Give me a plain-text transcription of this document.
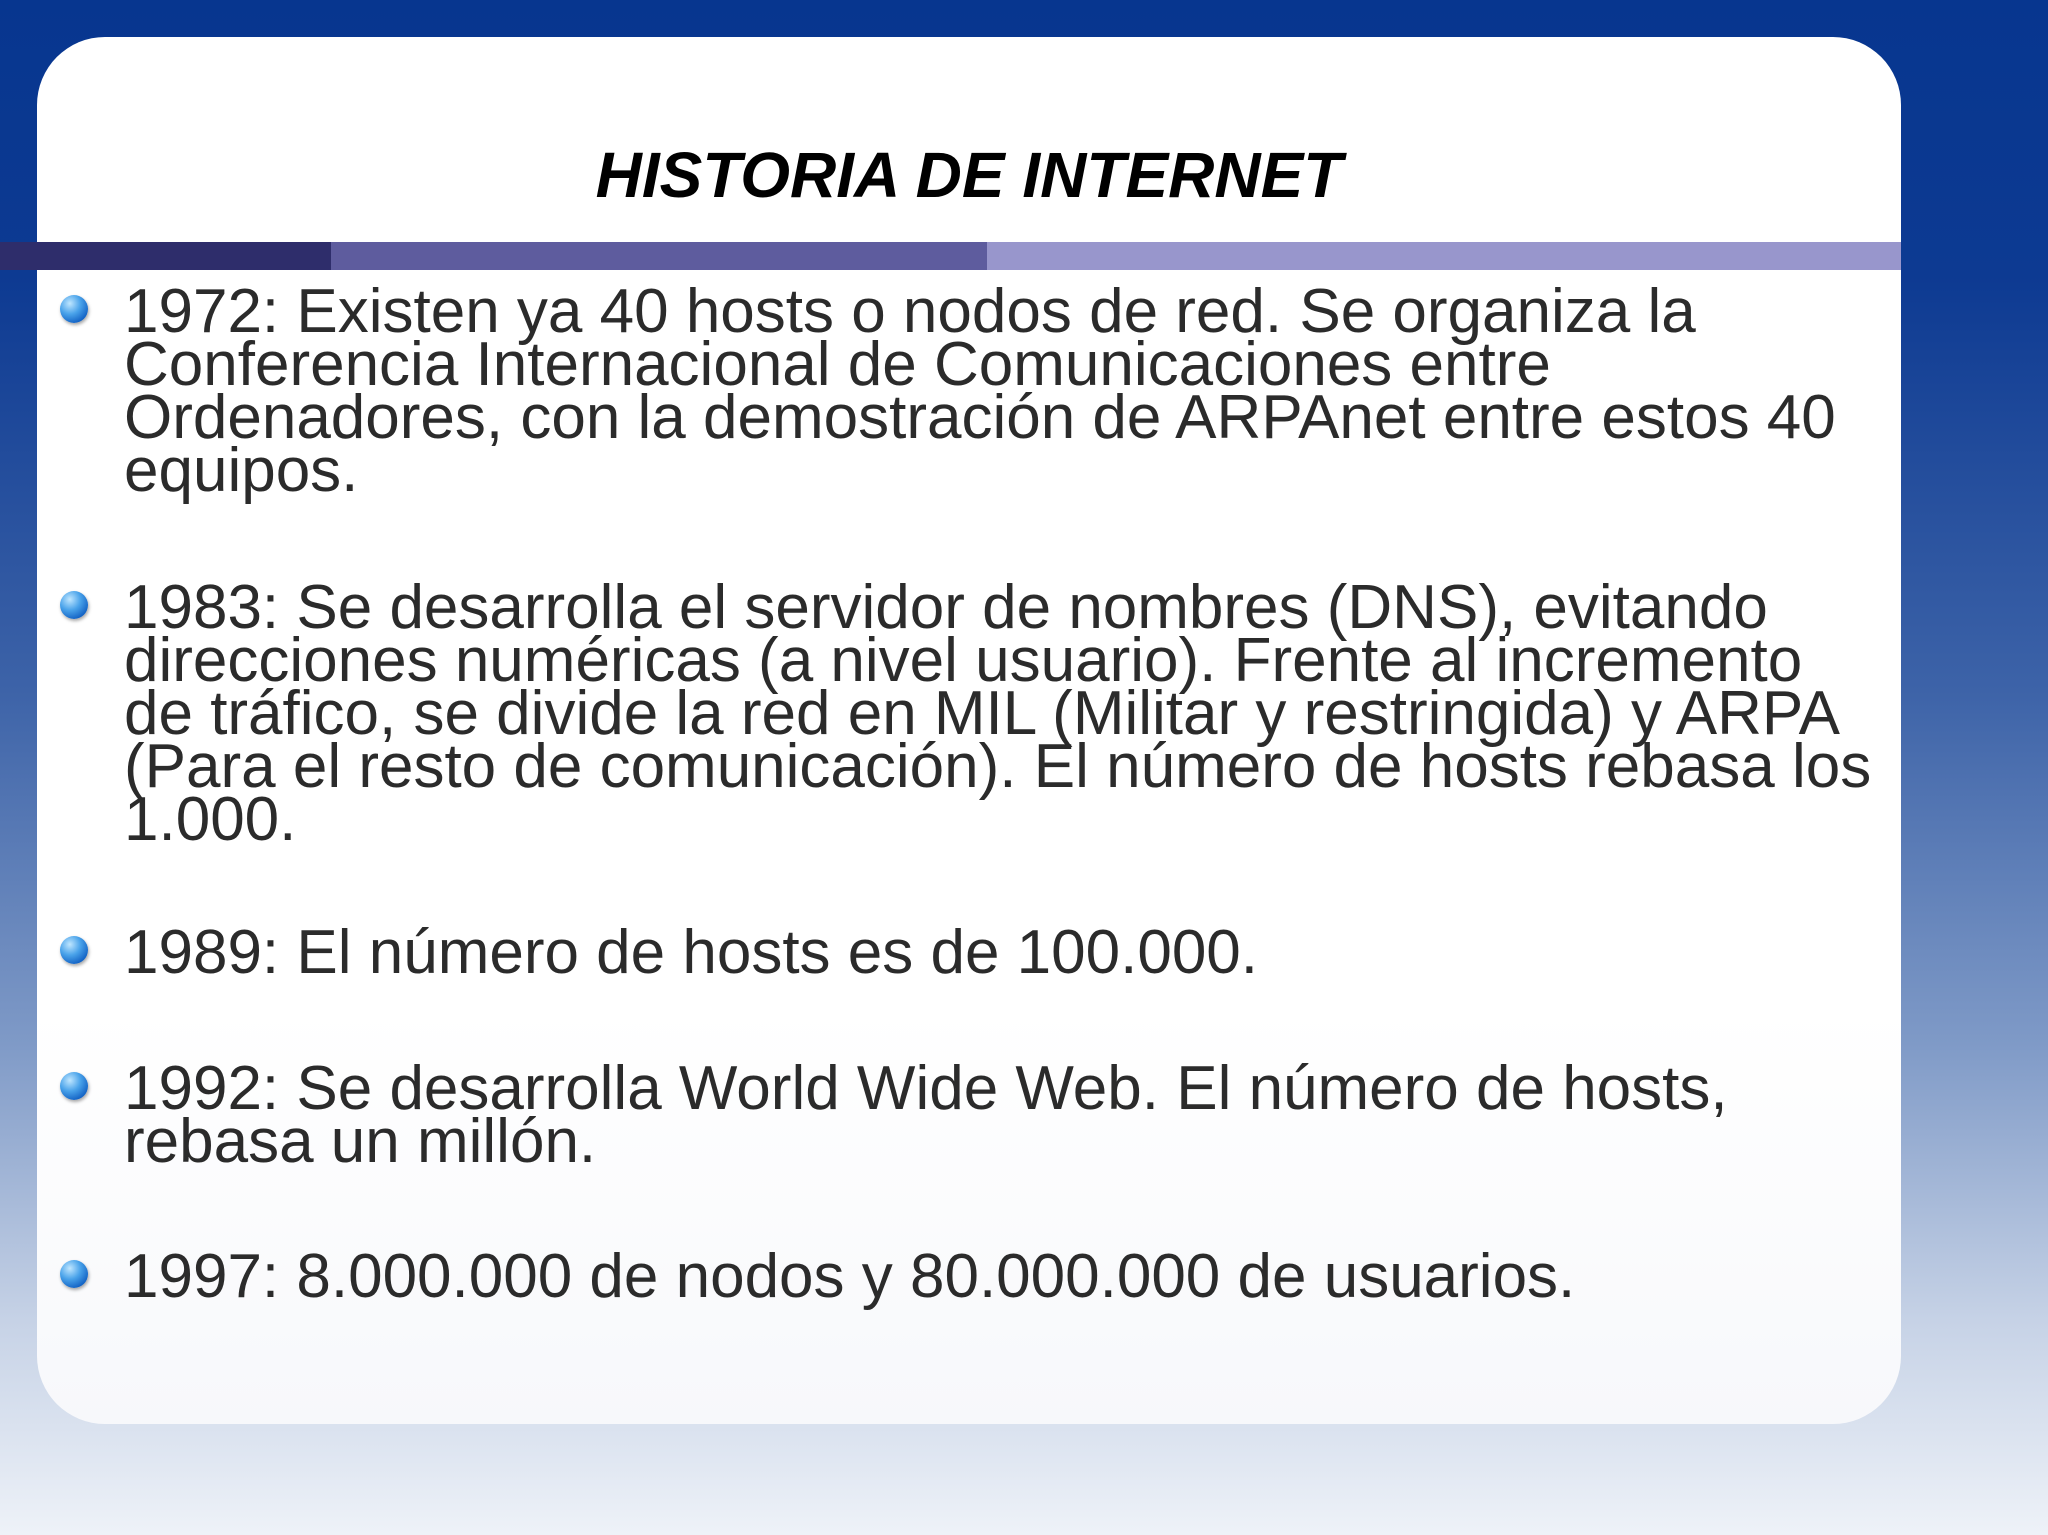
HISTORIA DE INTERNET
1972: Existen ya 40 hosts o nodos de red. Se organiza la Conferencia Internacional de Comunicaciones entre Ordenadores, con la demostración de ARPAnet entre estos 40 equipos.
1983: Se desarrolla el servidor de nombres (DNS), evitando direcciones numéricas (a nivel usuario). Frente al incremento de tráfico, se divide la red en MIL (Militar y restringida) y ARPA (Para el resto de comunicación). El número de hosts rebasa los 1.000.
1989: El número de hosts es de 100.000.
1992: Se desarrolla World Wide Web. El número de hosts, rebasa un millón.
1997: 8.000.000 de nodos y 80.000.000 de usuarios.
